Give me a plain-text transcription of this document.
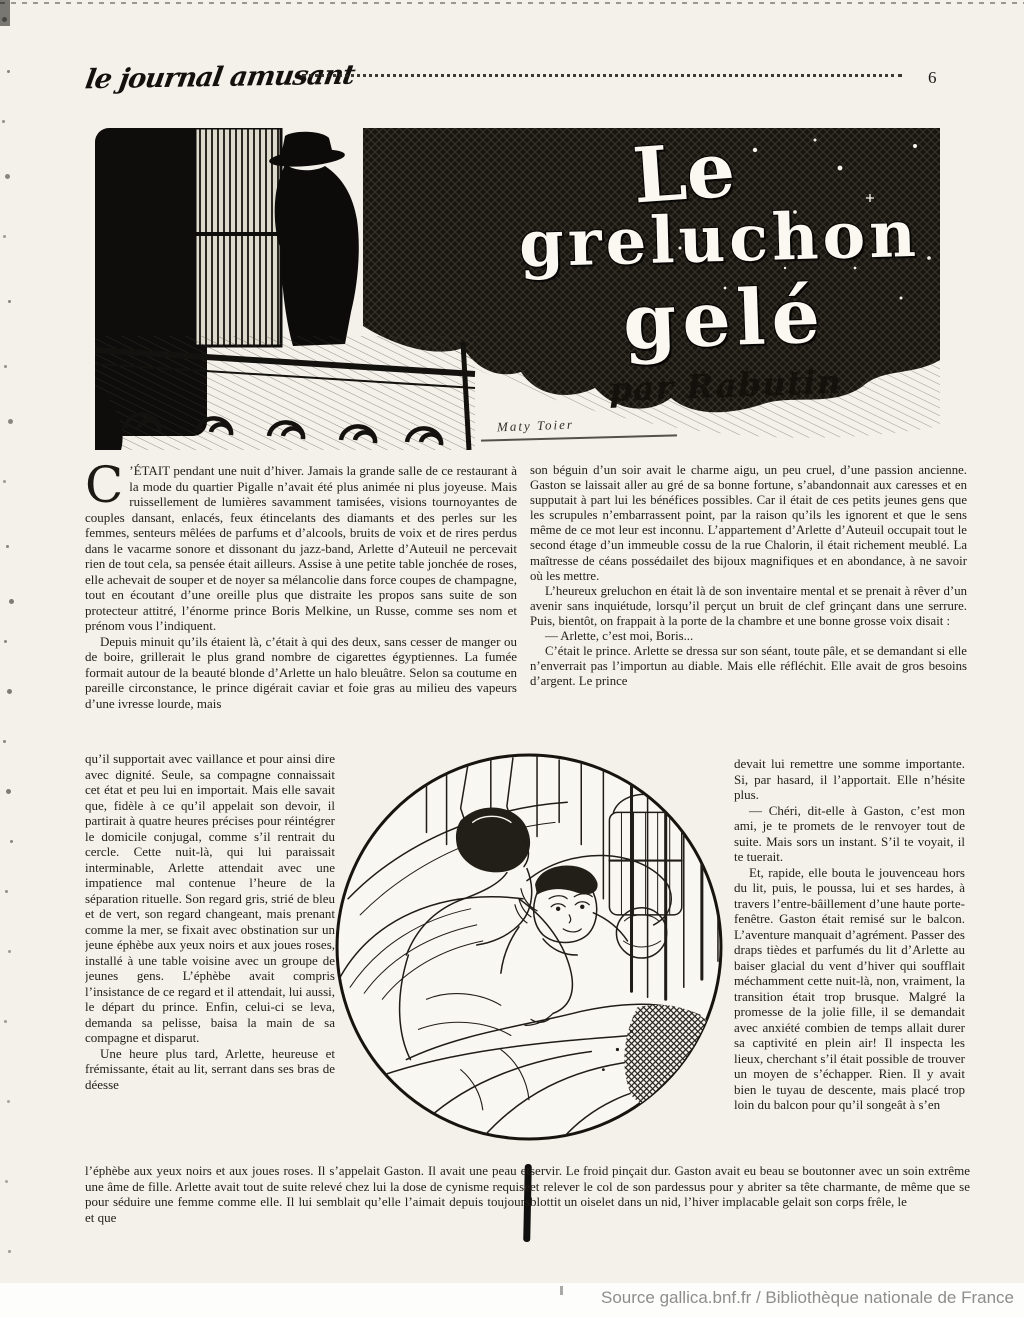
le journal amusant	6
Le
greluchon
gelé
par Rabutin
Maty Toier

C ’ÉTAIT pendant une nuit d’hiver. Jamais la grande salle de ce restaurant à la mode du quartier Pigalle n’avait été plus animée ni plus joyeuse. Mais ruissellement de lumières savamment tamisées, visions tournoyantes de couples dansant, enlacés, feux étincelants des diamants et des perles sur les femmes, senteurs mêlées de parfums et d’alcools, bruits de voix et de rires perdus dans le vacarme sonore et dissonant du jazz-band, Arlette d’Auteuil ne percevait rien de tout cela, sa pensée était ailleurs. Assise à une petite table jonchée de roses, elle achevait de souper et de noyer sa mélancolie dans force coupes de champagne, tout en écoutant d’une oreille plus que distraite les propos sans suite de son protecteur attitré, l’énorme prince Boris Melkine, un Russe, comme ses nom et prénom vous l’indiquent.

Depuis minuit qu’ils étaient là, c’était à qui des deux, sans cesser de manger ou de boire, grillerait le plus grand nombre de cigarettes égyptiennes. La fumée formait autour de la beauté blonde d’Arlette un halo bleuâtre. Selon sa coutume en pareille circonstance, le prince digérait caviar et foie gras au milieu des vapeurs d’une ivresse lourde, mais

qu’il supportait avec vaillance et pour ainsi dire avec dignité. Seule, sa compagne connaissait cet état et peu lui en importait. Mais elle savait que, fidèle à ce qu’il appelait son devoir, il partirait à quatre heures précises pour réintégrer le domicile conjugal, comme s’il rentrait du cercle. Cette nuit-là, qui lui paraissait interminable, Arlette attendait avec une impatience mal contenue l’heure de la séparation rituelle. Son regard gris, strié de bleu et de vert, son regard changeant, mais prenant comme la mer, se fixait avec obstination sur un jeune éphèbe aux yeux noirs et aux joues roses, installé à une table voisine avec un groupe de jeunes gens. L’éphèbe avait compris l’insistance de ce regard et il attendait, lui aussi, le départ du prince. Enfin, celui-ci se leva, demanda sa pelisse, baisa la main de sa compagne et disparut.

Une heure plus tard, Arlette, heureuse et frémissante, était au lit, serrant dans ses bras de déesse

l’éphèbe aux yeux noirs et aux joues roses. Il s’appelait Gaston. Il avait une peau et une âme de fille. Arlette avait tout de suite relevé chez lui la dose de cynisme requise pour séduire une femme comme elle. Il lui semblait qu’elle l’aimait depuis toujours et que

son béguin d’un soir avait le charme aigu, un peu cruel, d’une passion ancienne. Gaston se laissait aller au gré de sa bonne fortune, s’abandonnait aux caresses et en supputait à part lui les bénéfices possibles. Car il était de ces petits jeunes gens que les scrupules n’embarrassent point, par la raison qu’ils les ignorent et que le sens même de ce mot leur est inconnu. L’appartement d’Arlette d’Auteuil occupait tout le second étage d’un immeuble cossu de la rue Chalorin, il était richement meublé. La maîtresse de céans possédailet des bijoux magnifiques et en abondance, à ne savoir où les mettre.

L’heureux greluchon en était là de son inventaire mental et se prenait à rêver d’un avenir sans inquiétude, lorsqu’il perçut un bruit de clef grinçant dans une serrure. Puis, bientôt, on frappait à la porte de la chambre et une bonne grosse voix disait :

— Arlette, c’est moi, Boris...

C’était le prince. Arlette se dressa sur son séant, toute pâle, et se demandant si elle n’enverrait pas l’importun au diable. Mais elle réfléchit. Elle avait de gros besoins d’argent. Le prince

devait lui remettre une somme importante. Si, par hasard, il l’apportait. Elle n’hésite plus.

— Chéri, dit-elle à Gaston, c’est mon ami, je te promets de le renvoyer tout de suite. Mais sors un instant. S’il te voyait, il te tuerait.

Et, rapide, elle bouta le jouvenceau hors du lit, puis, le poussa, lui et ses hardes, à travers l’entre-bâillement d’une haute porte-fenêtre. Gaston était remisé sur le balcon. L’aventure manquait d’agrément. Passer des draps tièdes et parfumés du lit d’Arlette au baiser glacial du vent d’hiver qui soufflait méchamment cette nuit-là, non, vraiment, la transition était trop brusque. Malgré la promesse de la jolie fille, il se demandait avec anxiété combien de temps allait durer sa captivité en plein air! Il inspecta les lieux, cherchant s’il était possible de trouver un moyen de s’échapper. Rien. Il y avait bien le tuyau de descente, mais placé trop loin du balcon pour qu’il songeât à s’en

servir. Le froid pinçait dur. Gaston avait eu beau se boutonner avec un soin extrême et relever le col de son pardessus pour y abriter sa tête charmante, de même que se blottit un oiselet dans un nid, l’hiver implacable gelait son corps frêle, le

Source gallica.bnf.fr / Bibliothèque nationale de France
